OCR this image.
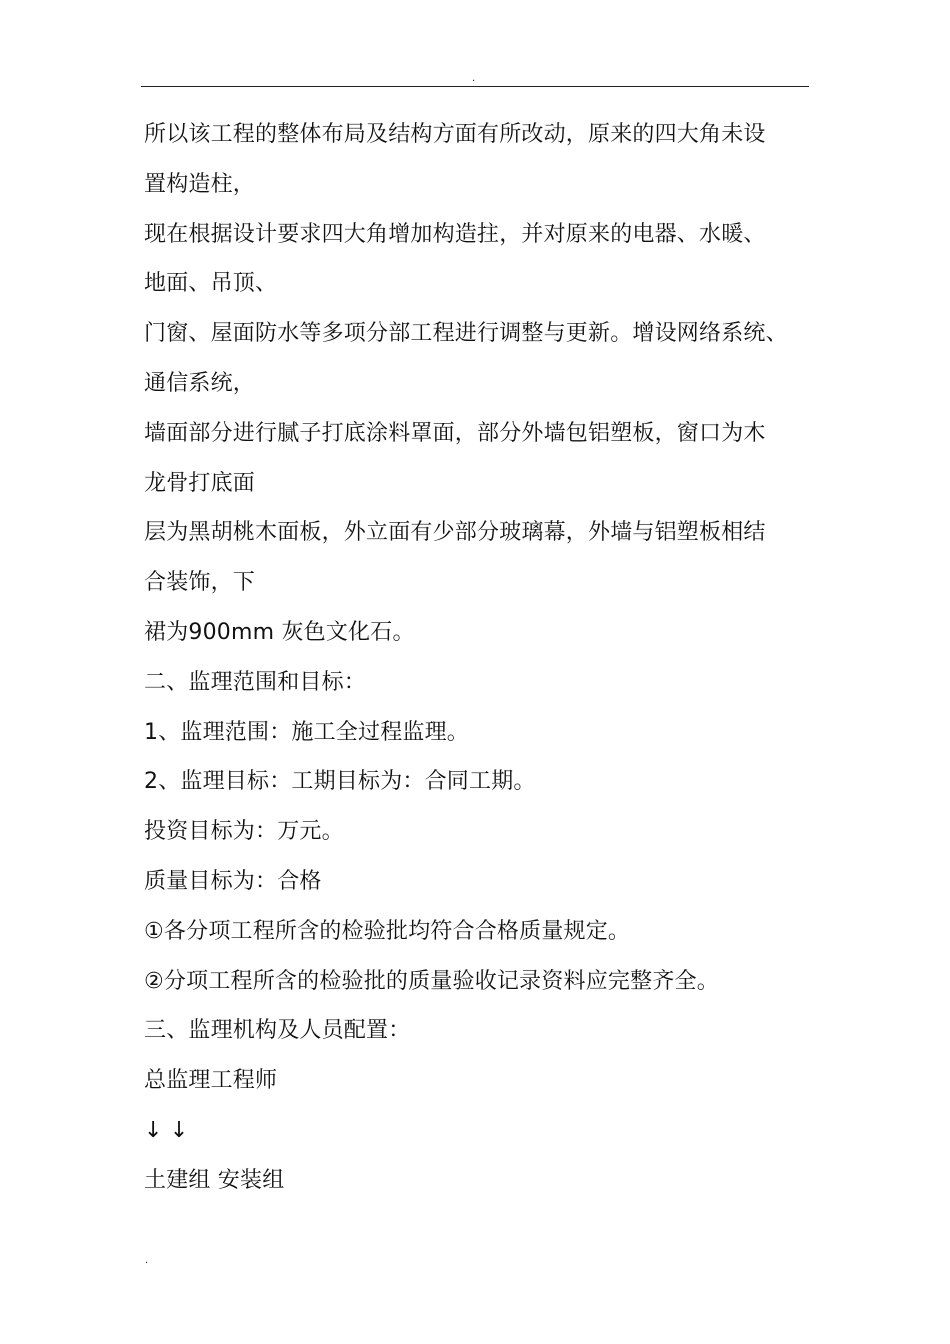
.
所以该工程的整体布局及结构方面有所改动，原来的四大角未设
置构造柱，
现在根据设计要求四大角增加构造拄，并对原来的电器、水暖、
地面、吊顶、
门窗、屋面防水等多项分部工程进行调整与更新。增设网络系统、
通信系统，
墙面部分进行腻子打底涂料罩面，部分外墙包铝塑板，窗口为木
龙骨打底面
层为黑胡桃木面板，外立面有少部分玻璃幕，外墙与铝塑板相结
合装饰，下
裙为900mm 灰色文化石。
二、监理范围和目标：
1、监理范围：施工全过程监理。
2、监理目标：工期目标为：合同工期。
投资目标为：万元。
质量目标为：合格
①各分项工程所含的检验批均符合合格质量规定。
②分项工程所含的检验批的质量验收记录资料应完整齐全。
三、监理机构及人员配置：
总监理工程师
↓ ↓
土建组 安装组
.
